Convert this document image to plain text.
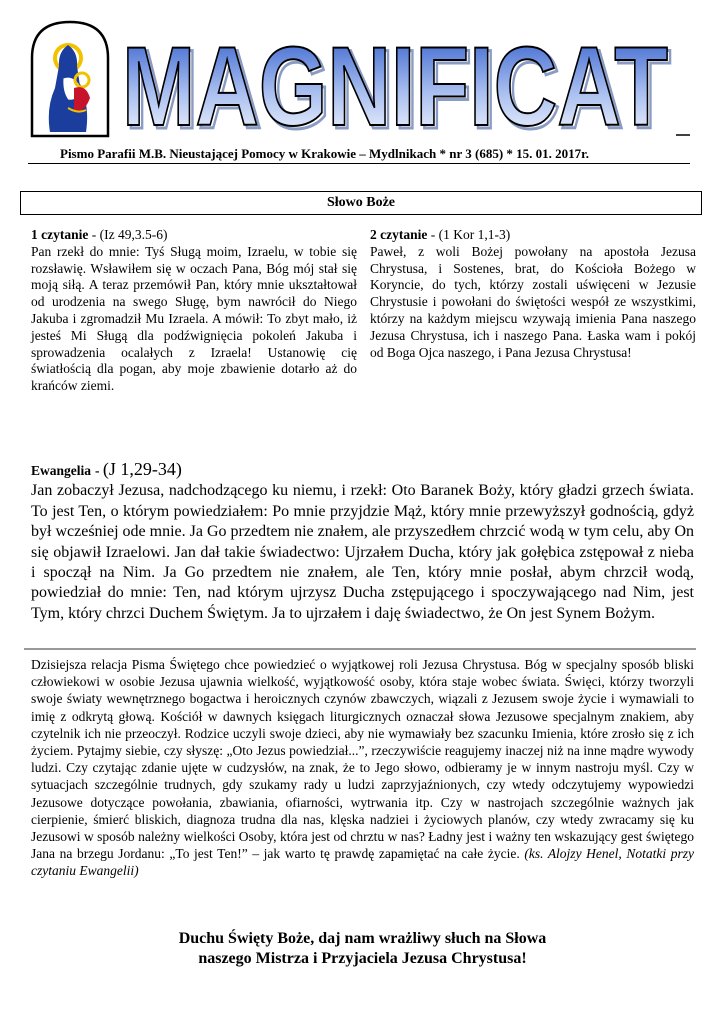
MAGNIFICAT
MAGNIFICAT
Pismo Parafii M.B. Nieustającej Pomocy w Krakowie – Mydlnikach * nr 3 (685) * 15. 01. 2017r.
Słowo Boże
1 czytanie - (Iz 49,3.5-6)
Pan rzekł do mnie: Tyś Sługą moim, Izraelu, w tobie się rozsławię. Wsławiłem się w oczach Pana, Bóg mój stał się moją siłą. A teraz przemówił Pan, który mnie ukształtował od urodzenia na swego Sługę, bym nawrócił do Niego Jakuba i zgromadził Mu Izraela. A mówił: To zbyt mało, iż jesteś Mi Sługą dla podźwignięcia pokoleń Jakuba i sprowadzenia ocalałych z Izraela! Ustanowię cię światłością dla pogan, aby moje zbawienie dotarło aż do krańców ziemi.
2 czytanie - (1 Kor 1,1-3)
Paweł, z woli Bożej powołany na apostoła Jezusa Chrystusa, i Sostenes, brat, do Kościoła Bożego w Koryncie, do tych, którzy zostali uświęceni w Jezusie Chrystusie i powołani do świętości wespół ze wszystkimi, którzy na każdym miejscu wzywają imienia Pana naszego Jezusa Chrystusa, ich i naszego Pana. Łaska wam i pokój od Boga Ojca naszego, i Pana Jezusa Chrystusa!
Ewangelia - (J 1,29-34)
Jan zobaczył Jezusa, nadchodzącego ku niemu, i rzekł: Oto Baranek Boży, który gładzi grzech świata. To jest Ten, o którym powiedziałem: Po mnie przyjdzie Mąż, który mnie przewyższył godnością, gdyż był wcześniej ode mnie. Ja Go przedtem nie znałem, ale przyszedłem chrzcić wodą w tym celu, aby On się objawił Izraelowi. Jan dał takie świadectwo: Ujrzałem Ducha, który jak gołębica zstępował z nieba i spoczął na Nim. Ja Go przedtem nie znałem, ale Ten, który mnie posłał, abym chrzcił wodą, powiedział do mnie: Ten, nad którym ujrzysz Ducha zstępującego i spoczywającego nad Nim, jest Tym, który chrzci Duchem Świętym. Ja to ujrzałem i daję świadectwo, że On jest Synem Bożym.
Dzisiejsza relacja Pisma Świętego chce powiedzieć o wyjątkowej roli Jezusa Chrystusa. Bóg w specjalny sposób bliski człowiekowi w osobie Jezusa ujawnia wielkość, wyjątkowość osoby, która staje wobec świata. Święci, którzy tworzyli swoje światy wewnętrznego bogactwa i heroicznych czynów zbawczych, wiązali z Jezusem swoje życie i wymawiali to imię z odkrytą głową. Kościół w dawnych księgach liturgicznych oznaczał słowa Jezusowe specjalnym znakiem, aby czytelnik ich nie przeoczył. Rodzice uczyli swoje dzieci, aby nie wymawiały bez szacunku Imienia, które zrosło się z ich życiem. Pytajmy siebie, czy słyszę: „Oto Jezus powiedział...”, rzeczywiście reagujemy inaczej niż na inne mądre wywody ludzi. Czy czytając zdanie ujęte w cudzysłów, na znak, że to Jego słowo, odbieramy je w innym nastroju myśl. Czy w sytuacjach szczególnie trudnych, gdy szukamy rady u ludzi zaprzyjaźnionych, czy wtedy odczytujemy wypowiedzi Jezusowe dotyczące powołania, zbawiania, ofiarności, wytrwania itp. Czy w nastrojach szczególnie ważnych jak cierpienie, śmierć bliskich, diagnoza trudna dla nas, klęska nadziei i życiowych planów, czy wtedy zwracamy się ku Jezusowi w sposób należny wielkości Osoby, która jest od chrztu w nas? Ładny jest i ważny ten wskazujący gest świętego Jana na brzegu Jordanu: „To jest Ten!” – jak warto tę prawdę zapamiętać na całe życie. (ks. Alojzy Henel, Notatki przy czytaniu Ewangelii)
Duchu Święty Boże, daj nam wrażliwy słuch na Słowa
naszego Mistrza i Przyjaciela Jezusa Chrystusa!
